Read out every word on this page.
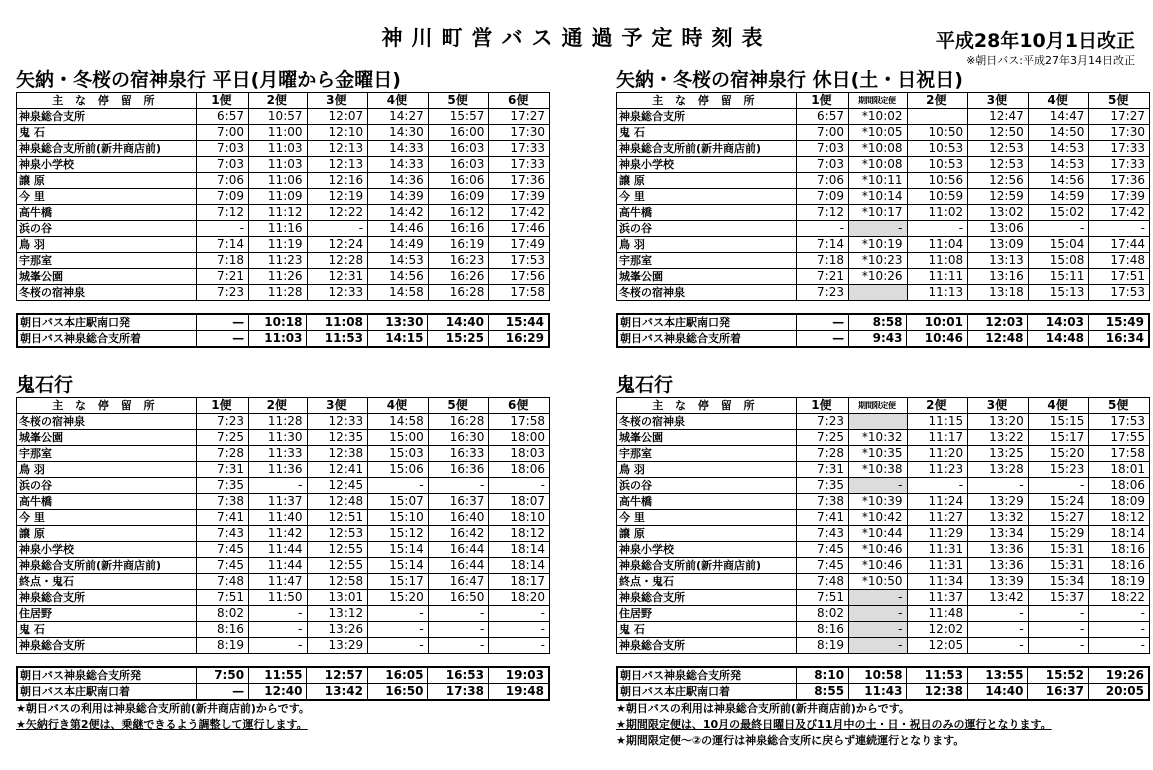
神川町営バス通過予定時刻表	平成28年10月1日改正
※朝日バス:平成27年3月14日改正
矢納・冬桜の宿神泉行 平日(月曜から金曜日)
主 な 停 留 所	1便	2便	3便	4便	5便	6便
神泉総合支所	6:57	10:57	12:07	14:27	15:57	17:27
鬼 石	7:00	11:00	12:10	14:30	16:00	17:30
神泉総合支所前(新井商店前)	7:03	11:03	12:13	14:33	16:03	17:33
神泉小学校	7:03	11:03	12:13	14:33	16:03	17:33
譲 原	7:06	11:06	12:16	14:36	16:06	17:36
今 里	7:09	11:09	12:19	14:39	16:09	17:39
高牛橋	7:12	11:12	12:22	14:42	16:12	17:42
浜の谷	-	11:16	-	14:46	16:16	17:46
鳥 羽	7:14	11:19	12:24	14:49	16:19	17:49
宇那室	7:18	11:23	12:28	14:53	16:23	17:53
城峯公園	7:21	11:26	12:31	14:56	16:26	17:56
冬桜の宿神泉	7:23	11:28	12:33	14:58	16:28	17:58
朝日バス本庄駅南口発	—	10:18	11:08	13:30	14:40	15:44
朝日バス神泉総合支所着	—	11:03	11:53	14:15	15:25	16:29
矢納・冬桜の宿神泉行 休日(土・日祝日)
主 な 停 留 所	1便	期間限定便	2便	3便	4便	5便
神泉総合支所	6:57	*10:02		12:47	14:47	17:27
鬼 石	7:00	*10:05	10:50	12:50	14:50	17:30
神泉総合支所前(新井商店前)	7:03	*10:08	10:53	12:53	14:53	17:33
神泉小学校	7:03	*10:08	10:53	12:53	14:53	17:33
譲 原	7:06	*10:11	10:56	12:56	14:56	17:36
今 里	7:09	*10:14	10:59	12:59	14:59	17:39
高牛橋	7:12	*10:17	11:02	13:02	15:02	17:42
浜の谷	-	-	-	13:06	-	-
鳥 羽	7:14	*10:19	11:04	13:09	15:04	17:44
宇那室	7:18	*10:23	11:08	13:13	15:08	17:48
城峯公園	7:21	*10:26	11:11	13:16	15:11	17:51
冬桜の宿神泉	7:23		11:13	13:18	15:13	17:53
朝日バス本庄駅南口発	—	8:58	10:01	12:03	14:03	15:49
朝日バス神泉総合支所着	—	9:43	10:46	12:48	14:48	16:34
鬼石行
主 な 停 留 所	1便	2便	3便	4便	5便	6便
冬桜の宿神泉	7:23	11:28	12:33	14:58	16:28	17:58
城峯公園	7:25	11:30	12:35	15:00	16:30	18:00
宇那室	7:28	11:33	12:38	15:03	16:33	18:03
鳥 羽	7:31	11:36	12:41	15:06	16:36	18:06
浜の谷	7:35	-	12:45	-	-	-
高牛橋	7:38	11:37	12:48	15:07	16:37	18:07
今 里	7:41	11:40	12:51	15:10	16:40	18:10
譲 原	7:43	11:42	12:53	15:12	16:42	18:12
神泉小学校	7:45	11:44	12:55	15:14	16:44	18:14
神泉総合支所前(新井商店前)	7:45	11:44	12:55	15:14	16:44	18:14
終点・鬼石	7:48	11:47	12:58	15:17	16:47	18:17
神泉総合支所	7:51	11:50	13:01	15:20	16:50	18:20
住居野	8:02	-	13:12	-	-	-
鬼 石	8:16	-	13:26	-	-	-
神泉総合支所	8:19	-	13:29	-	-	-
朝日バス神泉総合支所発	7:50	11:55	12:57	16:05	16:53	19:03
朝日バス本庄駅南口着	—	12:40	13:42	16:50	17:38	19:48
★朝日バスの利用は神泉総合支所前(新井商店前)からです。
★矢納行き第2便は、乗継できるよう調整して運行します。
鬼石行
主 な 停 留 所	1便	期間限定便	2便	3便	4便	5便
冬桜の宿神泉	7:23		11:15	13:20	15:15	17:53
城峯公園	7:25	*10:32	11:17	13:22	15:17	17:55
宇那室	7:28	*10:35	11:20	13:25	15:20	17:58
鳥 羽	7:31	*10:38	11:23	13:28	15:23	18:01
浜の谷	7:35	-	-	-	-	18:06
高牛橋	7:38	*10:39	11:24	13:29	15:24	18:09
今 里	7:41	*10:42	11:27	13:32	15:27	18:12
譲 原	7:43	*10:44	11:29	13:34	15:29	18:14
神泉小学校	7:45	*10:46	11:31	13:36	15:31	18:16
神泉総合支所前(新井商店前)	7:45	*10:46	11:31	13:36	15:31	18:16
終点・鬼石	7:48	*10:50	11:34	13:39	15:34	18:19
神泉総合支所	7:51	-	11:37	13:42	15:37	18:22
住居野	8:02	-	11:48	-	-	-
鬼 石	8:16	-	12:02	-	-	-
神泉総合支所	8:19	-	12:05	-	-	-
朝日バス神泉総合支所発	8:10	10:58	11:53	13:55	15:52	19:26
朝日バス本庄駅南口着	8:55	11:43	12:38	14:40	16:37	20:05
★朝日バスの利用は神泉総合支所前(新井商店前)からです。
★期間限定便は、10月の最終日曜日及び11月中の土・日・祝日のみの運行となります。
★期間限定便〜②の運行は神泉総合支所に戻らず連続運行となります。
